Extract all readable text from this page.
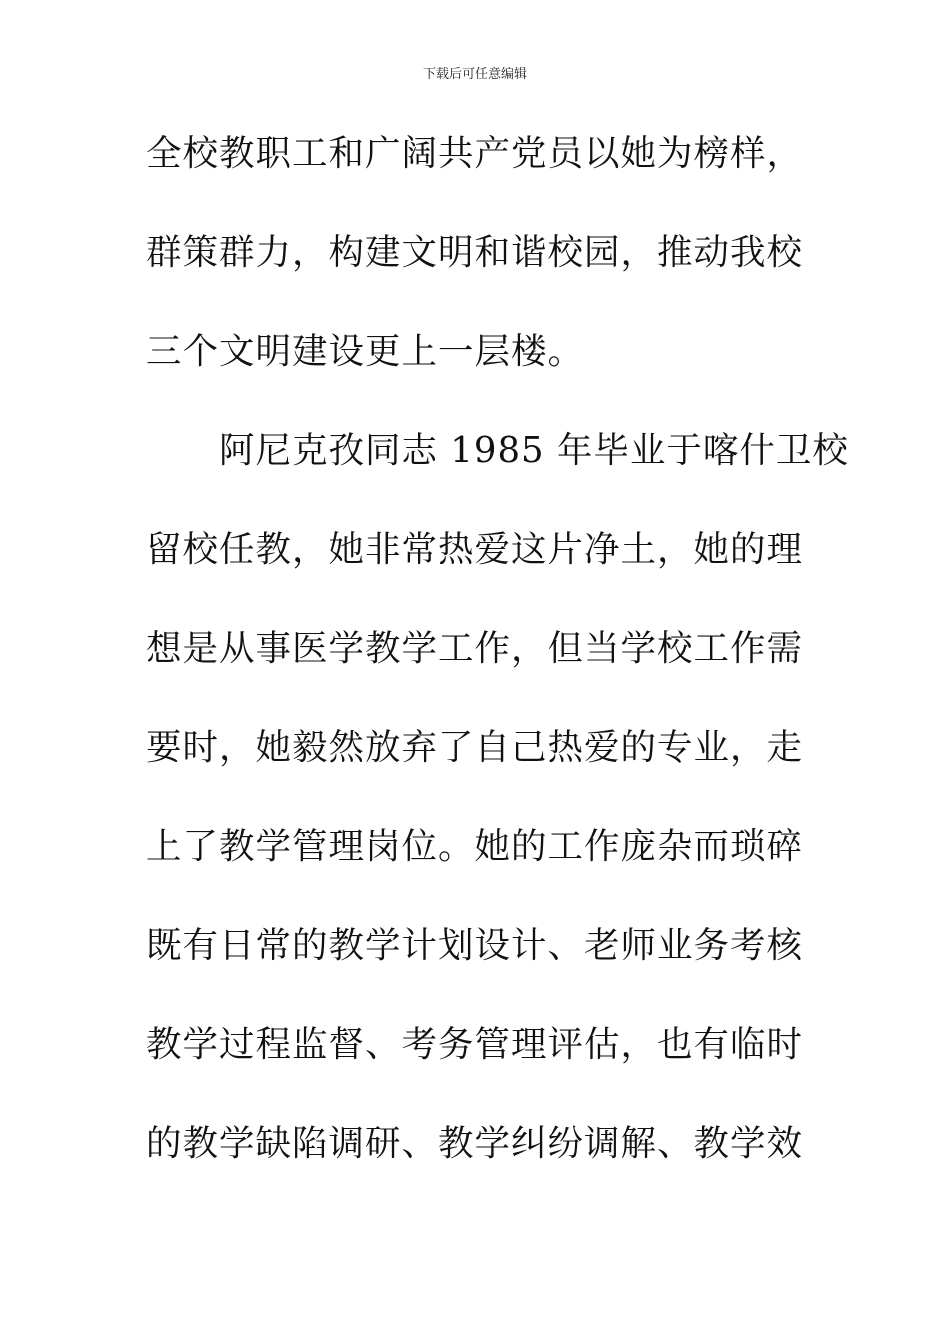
下载后可任意编辑
全校教职工和广阔共产党员以她为榜样，
群策群力，构建文明和谐校园，推动我校
三个文明建设更上一层楼。
　　阿尼克孜同志 1985 年毕业于喀什卫校
留校任教，她非常热爱这片净土，她的理
想是从事医学教学工作，但当学校工作需
要时，她毅然放弃了自己热爱的专业，走
上了教学管理岗位。她的工作庞杂而琐碎
既有日常的教学计划设计、老师业务考核
教学过程监督、考务管理评估，也有临时
的教学缺陷调研、教学纠纷调解、教学效
